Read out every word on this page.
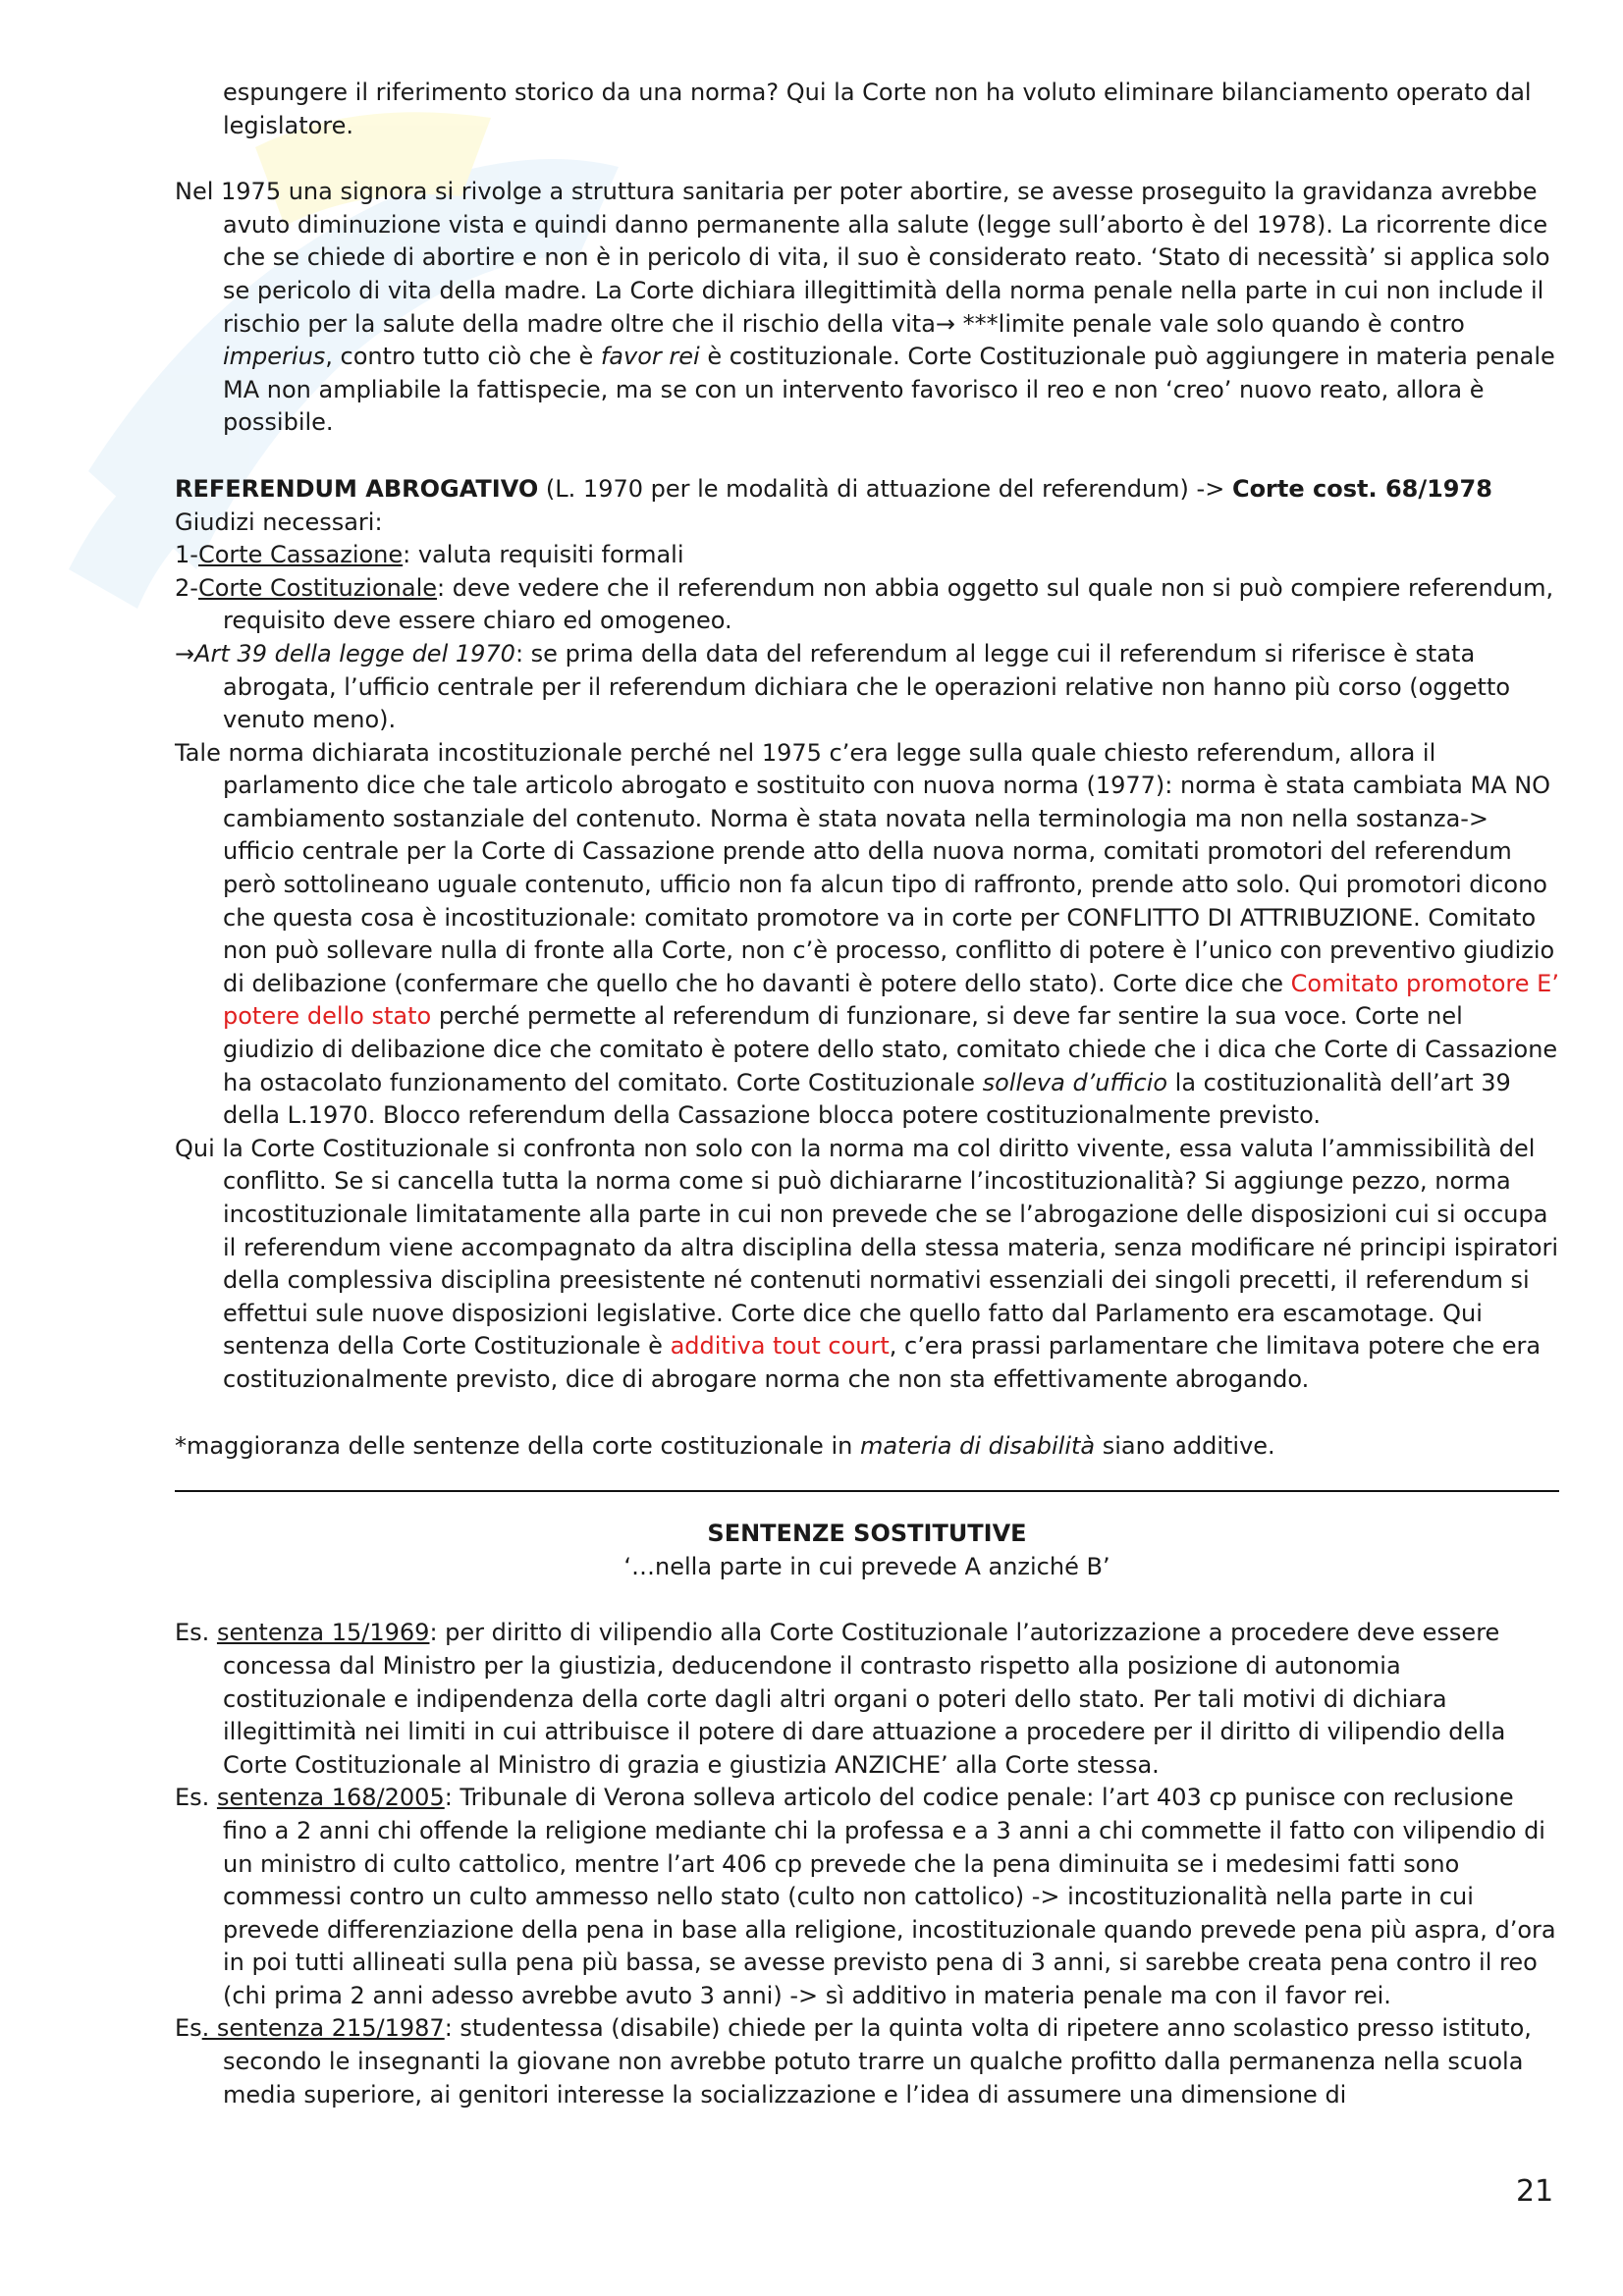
espungere il riferimento storico da una norma? Qui la Corte non ha voluto eliminare bilanciamento operato dal legislatore.

Nel 1975 una signora si rivolge a struttura sanitaria per poter abortire, se avesse proseguito la gravidanza avrebbe avuto diminuzione vista e quindi danno permanente alla salute (legge sull’aborto è del 1978). La ricorrente dice che se chiede di abortire e non è in pericolo di vita, il suo è considerato reato. ‘Stato di necessità’ si applica solo se pericolo di vita della madre. La Corte dichiara illegittimità della norma penale nella parte in cui non include il rischio per la salute della madre oltre che il rischio della vita→ ***limite penale vale solo quando è contro imperius, contro tutto ciò che è favor rei è costituzionale. Corte Costituzionale può aggiungere in materia penale MA non ampliabile la fattispecie, ma se con un intervento favorisco il reo e non ‘creo’ nuovo reato, allora è possibile.

REFERENDUM ABROGATIVO (L. 1970 per le modalità di attuazione del referendum) -> Corte cost. 68/1978

Giudizi necessari:

1-Corte Cassazione: valuta requisiti formali

2-Corte Costituzionale: deve vedere che il referendum non abbia oggetto sul quale non si può compiere referendum, requisito deve essere chiaro ed omogeneo.

→Art 39 della legge del 1970: se prima della data del referendum al legge cui il referendum si riferisce è stata abrogata, l’ufficio centrale per il referendum dichiara che le operazioni relative non hanno più corso (oggetto venuto meno).

Tale norma dichiarata incostituzionale perché nel 1975 c’era legge sulla quale chiesto referendum, allora il parlamento dice che tale articolo abrogato e sostituito con nuova norma (1977): norma è stata cambiata MA NO cambiamento sostanziale del contenuto. Norma è stata novata nella terminologia ma non nella sostanza-> ufficio centrale per la Corte di Cassazione prende atto della nuova norma, comitati promotori del referendum però sottolineano uguale contenuto, ufficio non fa alcun tipo di raffronto, prende atto solo. Qui promotori dicono che questa cosa è incostituzionale: comitato promotore va in corte per CONFLITTO DI ATTRIBUZIONE. Comitato non può sollevare nulla di fronte alla Corte, non c’è processo, conflitto di potere è l’unico con preventivo giudizio di delibazione (confermare che quello che ho davanti è potere dello stato). Corte dice che Comitato promotore E’ potere dello stato perché permette al referendum di funzionare, si deve far sentire la sua voce. Corte nel giudizio di delibazione dice che comitato è potere dello stato, comitato chiede che i dica che Corte di Cassazione ha ostacolato funzionamento del comitato. Corte Costituzionale solleva d’ufficio la costituzionalità dell’art 39 della L.1970. Blocco referendum della Cassazione blocca potere costituzionalmente previsto.

Qui la Corte Costituzionale si confronta non solo con la norma ma col diritto vivente, essa valuta l’ammissibilità del conflitto. Se si cancella tutta la norma come si può dichiararne l’incostituzionalità? Si aggiunge pezzo, norma incostituzionale limitatamente alla parte in cui non prevede che se l’abrogazione delle disposizioni cui si occupa il referendum viene accompagnato da altra disciplina della stessa materia, senza modificare né principi ispiratori della complessiva disciplina preesistente né contenuti normativi essenziali dei singoli precetti, il referendum si effettui sule nuove disposizioni legislative. Corte dice che quello fatto dal Parlamento era escamotage. Qui sentenza della Corte Costituzionale è additiva tout court, c’era prassi parlamentare che limitava potere che era costituzionalmente previsto, dice di abrogare norma che non sta effettivamente abrogando.

*maggioranza delle sentenze della corte costituzionale in materia di disabilità siano additive.

SENTENZE SOSTITUTIVE

‘…nella parte in cui prevede A anziché B’

Es. sentenza 15/1969: per diritto di vilipendio alla Corte Costituzionale l’autorizzazione a procedere deve essere concessa dal Ministro per la giustizia, deducendone il contrasto rispetto alla posizione di autonomia costituzionale e indipendenza della corte dagli altri organi o poteri dello stato. Per tali motivi di dichiara illegittimità nei limiti in cui attribuisce il potere di dare attuazione a procedere per il diritto di vilipendio della Corte Costituzionale al Ministro di grazia e giustizia ANZICHE’ alla Corte stessa.

Es. sentenza 168/2005: Tribunale di Verona solleva articolo del codice penale: l’art 403 cp punisce con reclusione fino a 2 anni chi offende la religione mediante chi la professa e a 3 anni a chi commette il fatto con vilipendio di un ministro di culto cattolico, mentre l’art 406 cp prevede che la pena diminuita se i medesimi fatti sono commessi contro un culto ammesso nello stato (culto non cattolico) -> incostituzionalità nella parte in cui prevede differenziazione della pena in base alla religione, incostituzionale quando prevede pena più aspra, d’ora in poi tutti allineati sulla pena più bassa, se avesse previsto pena di 3 anni, si sarebbe creata pena contro il reo (chi prima 2 anni adesso avrebbe avuto 3 anni) -> sì additivo in materia penale ma con il favor rei.

Es. sentenza 215/1987: studentessa (disabile) chiede per la quinta volta di ripetere anno scolastico presso istituto, secondo le insegnanti la giovane non avrebbe potuto trarre un qualche profitto dalla permanenza nella scuola media superiore, ai genitori interesse la socializzazione e l’idea di assumere una dimensione di

21
